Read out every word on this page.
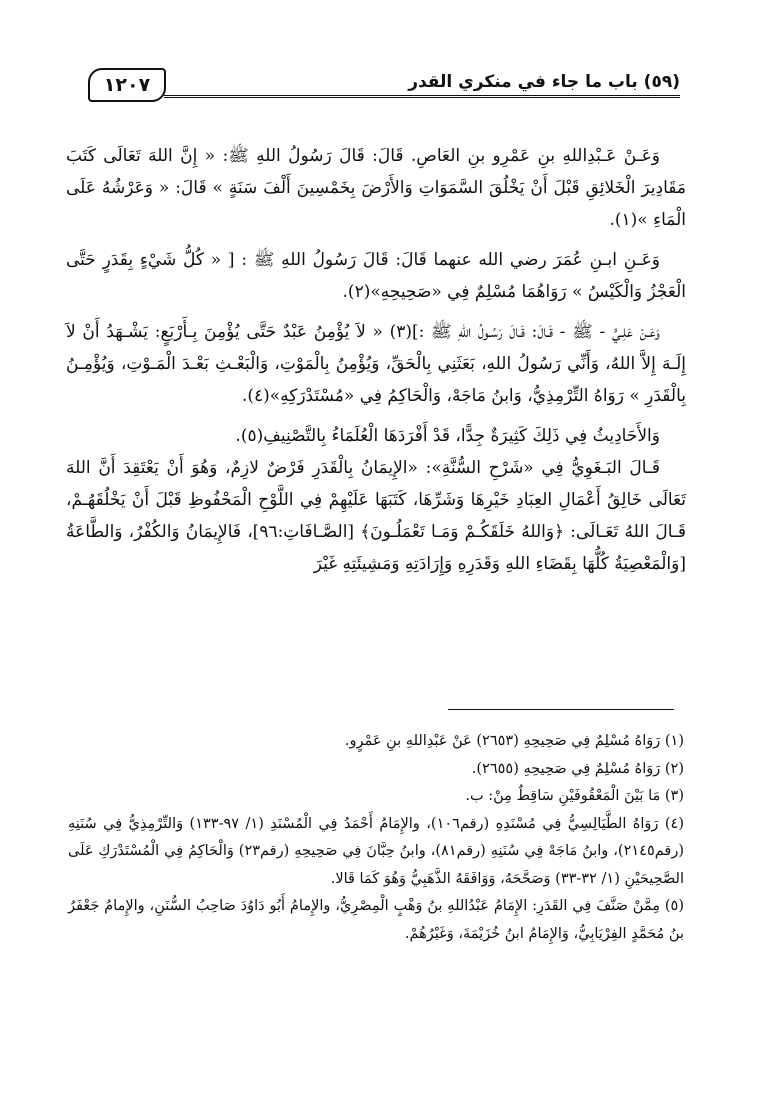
(٥٩) باب ما جاء في منكري القدر
١٢٠٧

وَعَـنْ عَـبْدِاللهِ بنِ عَمْرِو بنِ العَاصِ. قَالَ: قَالَ رَسُولُ اللهِ ﷺ: « إِنَّ اللهَ تَعَالَى كَتَبَ مَقَادِيرَ الْخَلائِقِ قَبْلَ أَنْ يَخْلُقَ السَّمَوَاتِ وَالأَرْضَ بِخَمْسِينَ أَلْفَ سَنَةٍ » قَالَ: « وَعَرْشُهُ عَلَى الْمَاءِ »(١).

وَعَـنِ ابـنِ عُمَرَ رضي الله عنهما قَالَ: قَالَ رَسُولُ اللهِ ﷺ : [ « كُلُّ شَيْءٍ بِقَدَرٍ حَتَّى الْعَجْزُ وَالْكَيْسُ » رَوَاهُمَا مُسْلِمٌ فِي «صَحِيحِهِ»(٢).

وَعَـنْ عَلِـيٍّ - ﷺ - قَـالَ: قَـالَ رَسُـولُ اللهِ ﷺ :](٣) « لاَ يُؤْمِنُ عَبْدٌ حَتَّى يُؤْمِنَ بِـأَرْبَعٍ: يَشْـهَدُ أَنْ لاَ إِلَـهَ إِلاَّ اللهُ، وَأَنِّي رَسُولُ اللهِ، بَعَثَنِي بِالْحَقِّ، وَيُؤْمِنُ بِالْمَوْتِ، وَالْبَعْـثِ بَعْـدَ الْمَـوْتِ، وَيُؤْمِـنُ بِالْقَدَرِ » رَوَاهُ التِّرْمِذِيُّ، وَابنُ مَاجَهْ، وَالْحَاكِمُ فِي «مُسْتَدْرَكِهِ»(٤).

وَالأَحَادِيثُ فِي ذَلِكَ كَثِيرَةٌ جِدًّا، قَدْ أَفْرَدَهَا الْعُلَمَاءُ بِالتَّصْنِيفِ(٥).

قَـالَ البَـغَوِيُّ فِي «شَرْحِ السُّنَّةِ»: «الإِيمَانُ بِالْقَدَرِ فَرْضٌ لازِمٌ، وَهُوَ أَنْ يَعْتَقِدَ أَنَّ اللهَ تَعَالَى خَالِقُ أَعْمَالِ العِبَادِ خَيْرِهَا وَشَرِّهَا، كَتَبَهَا عَلَيْهِمْ فِي اللَّوْحِ الْمَحْفُوظِ قَبْلَ أَنْ يَخْلُقَهُـمْ، قَـالَ اللهُ تَعَـالَى: ﴿وَاللهُ خَلَقَكُـمْ وَمَـا تَعْمَلُـونَ﴾ [الصَّـافَاتِ:٩٦]، فَالإِيمَانُ وَالكُفْرُ، وَالطَّاعَةُ [وَالْمَعْصِيَةُ كُلُّهَا بِقَضَاءِ اللهِ وَقَدَرِهِ وَإِرَادَتِهِ وَمَشِيئَتِهِ غَيْرَ

(١) رَوَاهُ مُسْلِمٌ فِي صَحِيحِهِ (٢٦٥٣) عَنْ عَبْدِاللهِ بنِ عَمْرٍو.

(٢) رَوَاهُ مُسْلِمٌ فِي صَحِيحِهِ (٢٦٥٥).

(٣) مَا بَيْنَ الْمَعْقُوفَيْنِ سَاقِطٌ مِنْ: ب.

(٤) رَوَاهُ الطَّيَالِسِيُّ فِي مُسْنَدِهِ (رقم١٠٦)، والإِمَامُ أَحْمَدُ فِي الْمُسْنَدِ (١/ ٩٧-١٣٣) وَالتِّرْمِذِيُّ فِي سُنَنِهِ (رقم٢١٤٥)، وابنُ مَاجَهْ فِي سُنَنِهِ (رقم٨١)، وابنُ حِبَّانَ فِي صَحِيحِهِ (رقم٢٣) وَالْحَاكِمُ فِي الْمُسْتَدْرَكِ عَلَى الصَّحِيحَيْنِ (١/ ٣٢-٣٣) وَصَحَّحَهُ، وَوَافَقَهُ الذَّهَبِيُّ وَهُوَ كَمَا قَالا.

(٥) مِمَّنْ صَنَّفَ فِي القَدَرِ: الإِمَامُ عَبْدُاللهِ بنُ وَهْبٍ الْمِصْرِيُّ، والإِمامُ أَبُو دَاوُدَ صَاحِبُ السُّنَنِ، والإِمامُ جَعْفَرُ بنُ مُحَمَّدٍ الفِرْيَابِيُّ، وَالإِمَامُ ابنُ خُزَيْمَةَ، وَغَيْرُهُمْ.
